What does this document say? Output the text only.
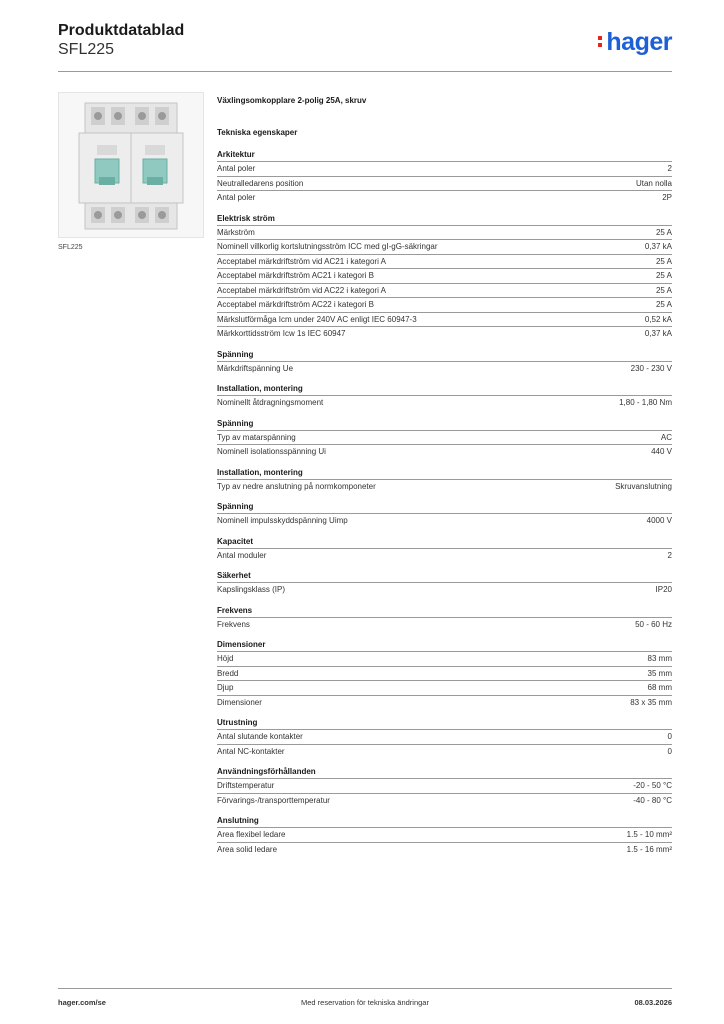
Produktdatablad
SFL225	hager
SFL225
Växlingsomkopplare 2-polig 25A, skruv
Tekniska egenskaper
Arkitektur
Antal poler	2
Neutralledarens position	Utan nolla
Antal poler	2P
Elektrisk ström
Märkström	25 A
Nominell villkorlig kortslutningsström ICC med gI-gG-säkringar	0,37 kA
Acceptabel märkdriftström vid AC21 i kategori A	25 A
Acceptabel märkdriftström AC21 i kategori B	25 A
Acceptabel märkdriftström vid AC22 i kategori A	25 A
Acceptabel märkdriftström AC22 i kategori B	25 A
Märkslutförmåga Icm under 240V AC enligt IEC 60947-3	0,52 kA
Märkkorttidsström Icw 1s IEC 60947	0,37 kA
Spänning
Märkdriftspänning Ue	230 - 230 V
Installation, montering
Nominellt åtdragningsmoment	1,80 - 1,80 Nm
Spänning
Typ av matarspänning	AC
Nominell isolationsspänning Ui	440 V
Installation, montering
Typ av nedre anslutning på normkomponeter	Skruvanslutning
Spänning
Nominell impulsskyddspänning Uimp	4000 V
Kapacitet
Antal moduler	2
Säkerhet
Kapslingsklass (IP)	IP20
Frekvens
Frekvens	50 - 60 Hz
Dimensioner
Höjd	83 mm
Bredd	35 mm
Djup	68 mm
Dimensioner	83 x 35 mm
Utrustning
Antal slutande kontakter	0
Antal NC-kontakter	0
Användningsförhållanden
Driftstemperatur	-20 - 50 °C
Förvarings-/transporttemperatur	-40 - 80 °C
Anslutning
Area flexibel ledare	1.5 - 10 mm²
Area solid ledare	1.5 - 16 mm²
hager.com/se	Med reservation för tekniska ändringar	08.03.2026
